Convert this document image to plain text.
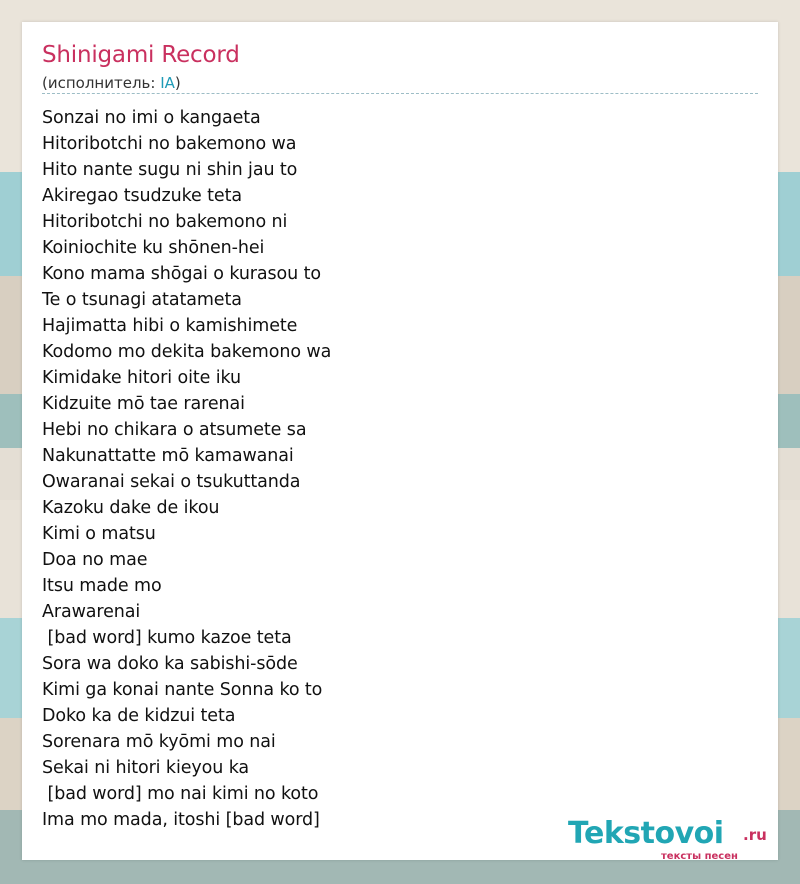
Shinigami Record
(исполнитель: IA)
Sonzai no imi o kangaeta
Hitoribotchi no bakemono wa
Hito nante sugu ni shin jau to
Akiregao tsudzuke teta
Hitoribotchi no bakemono ni
Koiniochite ku shōnen-hei
Kono mama shōgai o kurasou to
Te o tsunagi atatameta
Hajimatta hibi o kamishimete
Kodomo mo dekita bakemono wa
Kimidake hitori oite iku
Kidzuite mō tae rarenai
Hebi no chikara o atsumete sa
Nakunattatte mō kamawanai
Owaranai sekai o tsukuttanda
Kazoku dake de ikou
Kimi o matsu
Doa no mae
Itsu made mo
Arawarenai
[bad word] kumo kazoe teta
Sora wa doko ka sabishi-sōde
Kimi ga konai nante Sonna ko to
Doko ka de kidzui teta
Sorenara mō kyōmi mo nai
Sekai ni hitori kieyou ka
[bad word] mo nai kimi no koto
Ima mo mada, itoshi [bad word]	Tekstovoi .ru
тексты песен
